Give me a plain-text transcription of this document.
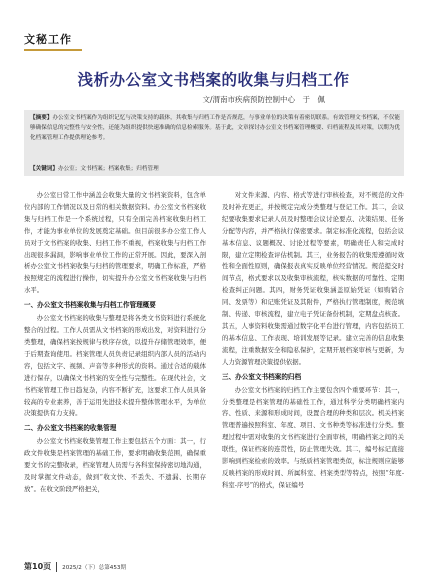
文秘工作
浅析办公室文书档案的收集与归档工作
文/渭南市疾病预防控制中心　于　佩
【摘要】办公室文书档案作为组织记忆与决策支持的载体，其收集与归档工作是否规范，与事业单位的决策有着密切联系。有效管理文书档案，不仅能够确保信息的完整性与安全性，还能为组织提供快速准确的信息检索服务。基于此，文章探讨办公室文书档案管理概要、归档流程及其对策，以期为优化档案管理工作提供理论参考。
【关键词】办公室；文书档案；档案收集；归档管理

办公室日常工作中涵盖会收集大量的文书档案资料，包含单位内部的工作情况以及日常的相关数据资料。办公室文书档案收集与归档工作是一个系统过程，只有全面完善档案收集归档工作，才能为事业单位的发展奠定基础。但目前很多办公室工作人员对于文书档案的收集、归档工作不重视，档案收集与归档工作出现很多漏洞，影响事业单位工作的正常开展。因此，要深入剖析办公室文书档案收集与归档的管理要求，明确工作标准，严格按照规定的流程进行操作，切实提升办公室文书档案收集与归档水平。

一、办公室文书档案收集与归档工作管理概要

办公室文书档案的收集与整理是将各类文书资料进行系统化整合的过程。工作人员需从文书档案的形成出发，对资料进行分类整理，确保档案按规律与秩序存放，以提升存储管理效率，便于后期查询使用。档案管理人员负责记录组织内部人员的活动内容，包括文字、视频、声音等多种形式的资料。通过合适的载体进行保存，以确保文书档案的安全性与完整性。在现代社会，文书档案管理工作日趋复杂，内容不断扩充，这要求工作人员具备较高的专业素养，善于运用先进技术提升整体管理水平，为单位决策提供有力支持。

二、办公室文书档案的收集管理

办公室文书档案收集管理工作主要包括五个方面：其一，行政文件收集是档案管理的基础工作，要求明确收集范围，确保重要文书的完整收录，档案管理人员需与各科室保持密切地沟通，及时掌握文件动态，做到“收文快、不丢失、不遗漏、长期存放”。在收文阶段严格把关，

对文件来源、内容、格式等进行审核检查，对不规范的文件及时补充更正，并按规定完成分类整理与登记工作。其二，会议纪要收集要求记录人员及时整理会议讨论要点、决策结果、任务分配等内容，并严格执行保密要求。制定标准化流程，包括会议基本信息、议题概况、讨论过程等要素，明确责任人和完成时限，建立定期检查评估机制。其三，业务报告的收集需遵循时效性和全面性原则，确保报表真实反映单位经营情况。规范提交时间节点，格式要求以及收集审核流程，核实数据的可靠性、定期检查纠正问题。其四，财务凭证收集涵盖原始凭证（如购销合同、发票等）和记账凭证及其附件，严格执行管理制度，规范填制、传递、审核流程，建立电子凭证备份机制，定期盘点核查。其五，人事资料收集需通过数字化平台进行管理，内容包括员工的基本信息、工作表现、培训发展等记录。建立完善的信息收集流程，注重数据安全和隐私保护，定期开展档案审核与更新，为人力资源管理决策提供依据。

三、办公室文书档案的归档

办公室文书档案的归档工作主要包含四个重要环节：其一，分类整理是档案管理的基础性工作，通过科学分类明确档案内容、性质、来源和形成时间，设置合理的种类和层次。机关档案管理普遍按照科室、年度、项目、文书种类等标准进行分类。整理过程中需对收集的文书档案进行全面审核，明确档案之间的关联性，保证档案的连贯性，防止管理失效。其二，编号标记直接影响到档案检索的效率。与纸质档案管理类似，标注规则应能够反映档案的形成时间、所属科室、档案类型等特点，按照“年度-科室-序号”的格式，保证编号

第10页 2025/2（下）总第453期
